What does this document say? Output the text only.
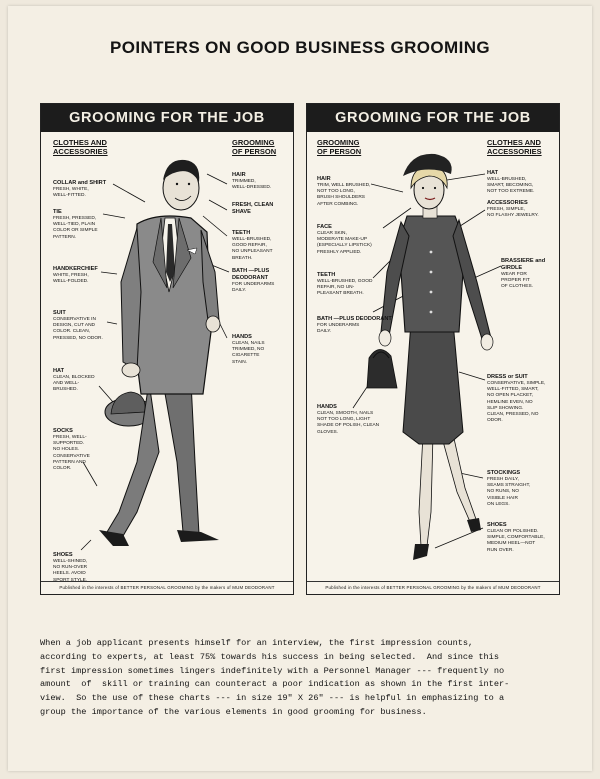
POINTERS ON GOOD BUSINESS GROOMING
GROOMING FOR THE JOB
CLOTHES AND
ACCESSORIES
GROOMING
OF PERSON
COLLAR and SHIRT
FRESH, WHITE,
WELL-FITTED.
TIE
FRESH, PRESSED,
WELL-TIED, PLAIN
COLOR OR SIMPLE
PATTERN.
HANDKERCHIEF
WHITE, FRESH,
WELL-FOLDED.
SUIT
CONSERVATIVE IN
DESIGN, CUT AND
COLOR. CLEAN,
PRESSED, NO ODOR.
HAT
CLEAN, BLOCKED
AND WELL-
BRUSHED.
SOCKS
FRESH, WELL-
SUPPORTED.
NO HOLES.
CONSERVATIVE
PATTERN AND
COLOR.
SHOES
WELL-SHINED,
NO RUN-OVER
HEELS. AVOID
SPORT STYLE.
HAIR
TRIMMED,
WELL-DRESSED.
FRESH, CLEAN SHAVE
TEETH
WELL-BRUSHED,
GOOD REPAIR,
NO UNPLEASANT
BREATH.
BATH —PLUS DEODORANT
FOR UNDERARMS
DAILY.
HANDS
CLEAN, NAILS
TRIMMED, NO
CIGARETTE
STAIN.
Published in the interests of BETTER PERSONAL GROOMING by the makers of MUM DEODORANT
GROOMING FOR THE JOB
GROOMING
OF PERSON
CLOTHES AND
ACCESSORIES
HAIR
TRIM, WELL BRUSHED,
NOT TOO LONG,
BRUSH SHOULDERS
AFTER COMBING.
FACE
CLEAR SKIN,
MODERATE MAKE-UP
(ESPECIALLY LIPSTICK)
FRESHLY APPLIED.
TEETH
WELL-BRUSHED, GOOD
REPAIR, NO UN-
PLEASANT BREATH.
BATH —PLUS DEODORANT
FOR UNDERARMS
DAILY.
HANDS
CLEAN, SMOOTH, NAILS
NOT TOO LONG, LIGHT
SHADE OF POLISH, CLEAN
GLOVES.
HAT
WELL-BRUSHED,
SMART, BECOMING,
NOT TOO EXTREME.
ACCESSORIES
FRESH, SIMPLE,
NO FLASHY JEWELRY.
BRASSIERE and GIRDLE
WEAR FOR
PROPER FIT
OF CLOTHES.
DRESS or SUIT
CONSERVATIVE, SIMPLE,
WELL-FITTED, SMART,
NO OPEN PLACKET,
HEMLINE EVEN, NO
SLIP SHOWING.
CLEAN, PRESSED, NO
ODOR.
STOCKINGS
FRESH DAILY,
SEAMS STRAIGHT,
NO RUNS, NO
VISIBLE HAIR
ON LEGS.
SHOES
CLEAN OR POLISHED.
SIMPLE, COMFORTABLE,
MEDIUM HEEL—NOT
RUN OVER.
Published in the interests of BETTER PERSONAL GROOMING by the makers of MUM DEODORANT
When a job applicant presents himself for an interview, the first impression counts,
according to experts, at least 75% towards his success in being selected.  And since this
first impression sometimes lingers indefinitely with a Personnel Manager --- frequently no
amount  of  skill or training can counteract a poor indication as shown in the first inter-
view.  So the use of these charts --- in size 19" X 26" --- is helpful in emphasizing to a
group the importance of the various elements in good grooming for business.
